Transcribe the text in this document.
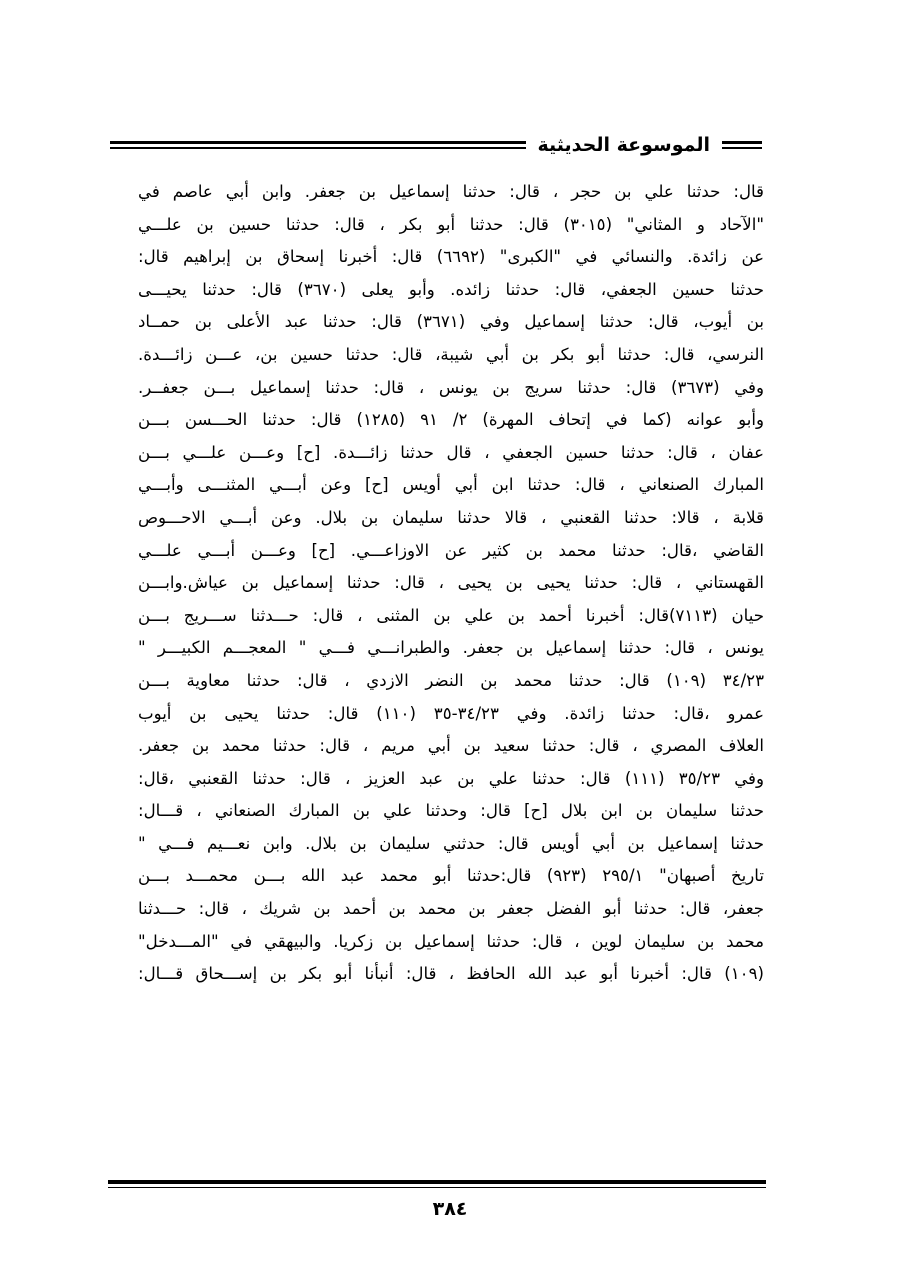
الموسوعة الحديثية
قال: حدثنا علي بن حجر ، قال: حدثنا إسماعيل بن جعفر. وابن أبي عاصم في
"الآحاد و المثاني" (٣٠١٥) قال: حدثنا أبو بكر ، قال: حدثنا حسين بن علـــي
عن زائدة. والنسائي في "الكبرى" (٦٦٩٢) قال: أخبرنا إسحاق بن إبراهيم قال:
حدثنا حسين الجعفي، قال: حدثنا زائده. وأبو يعلى (٣٦٧٠) قال: حدثنا يحيـــى
بن أيوب، قال: حدثنا إسماعيل وفي (٣٦٧١) قال: حدثنا عبد الأعلى بن حمــاد
النرسي، قال: حدثنا أبو بكر بن أبي شيبة، قال: حدثنا حسين بن، عـــن زائـــدة.
وفي (٣٦٧٣) قال: حدثنا سريج بن يونس ، قال: حدثنا إسماعيل بـــن جعفــر.
وأبو عوانه (كما في إتحاف المهرة) ٢/ ٩١ (١٢٨٥) قال: حدثنا الحـــسن بـــن
عفان ، قال: حدثنا حسين الجعفي ، قال حدثنا زائـــدة. [ح] وعـــن علـــي بـــن
المبارك الصنعاني ، قال: حدثنا ابن أبي أويس [ح] وعن أبـــي المثنـــى وأبـــي
قلابة ، قالا: حدثنا القعنبي ، قالا حدثنا سليمان بن بلال. وعن أبـــي الاحـــوص
القاضي ،قال: حدثنا محمد بن كثير عن الاوزاعـــي. [ح] وعـــن أبـــي علـــي
القهستاني ، قال: حدثنا يحيى بن يحيى ، قال: حدثنا إسماعيل بن عياش.وابـــن
حيان (٧١١٣)قال: أخبرنا أحمد بن علي بن المثنى ، قال: حـــدثنا ســـريج بـــن
يونس ، قال: حدثنا إسماعيل بن جعفر. والطبرانـــي فـــي " المعجـــم الكبيـــر "
٣٤/٢٣ (١٠٩) قال: حدثنا محمد بن النضر الازدي ، قال: حدثنا معاوية بـــن
عمرو ،قال: حدثنا زائدة. وفي ٣٤/٢٣-٣٥ (١١٠) قال: حدثنا يحيى بن أيوب
العلاف المصري ، قال: حدثنا سعيد بن أبي مريم ، قال: حدثنا محمد بن جعفر.
وفي ٣٥/٢٣ (١١١) قال: حدثنا علي بن عبد العزيز ، قال: حدثنا القعنبي ،قال:
حدثنا سليمان بن ابن بلال [ح] قال: وحدثنا علي بن المبارك الصنعاني ، قـــال:
حدثنا إسماعيل بن أبي أويس قال: حدثني سليمان بن بلال. وابن نعـــيم فـــي "
تاريخ أصبهان" ٢٩٥/١ (٩٢٣) قال:حدثنا أبو محمد عبد الله بـــن محمـــد بـــن
جعفر، قال: حدثنا أبو الفضل جعفر بن محمد بن أحمد بن شريك ، قال: حـــدثنا
محمد بن سليمان لوين ، قال: حدثنا إسماعيل بن زكريا. والبيهقي في "المـــدخل"
(١٠٩) قال: أخبرنا أبو عبد الله الحافظ ، قال: أنبأنا أبو بكر بن إســـحاق قـــال:
٣٨٤
